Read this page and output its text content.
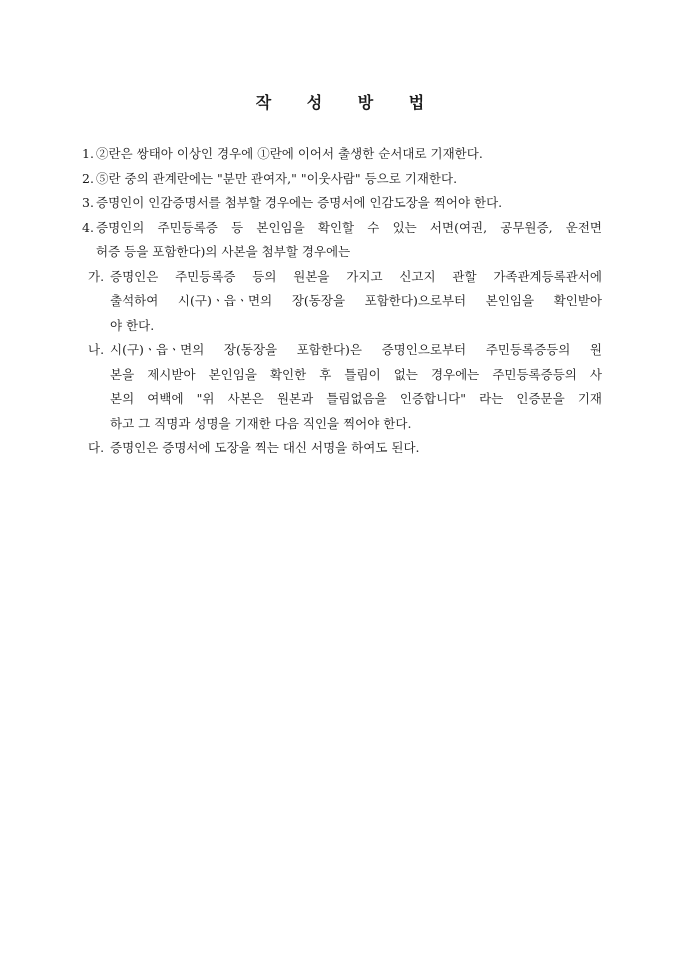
작 성 방 법
1. ②란은 쌍태아 이상인 경우에 ①란에 이어서 출생한 순서대로 기재한다.
2. ⑤란 중의 관계란에는 "분만 관여자," "이웃사람" 등으로 기재한다.
3. 증명인이 인감증명서를 첨부할 경우에는 증명서에 인감도장을 찍어야 한다.
4. 증명인의 주민등록증 등 본인임을 확인할 수 있는 서면(여권, 공무원증, 운전면
허증 등을 포함한다)의 사본을 첨부할 경우에는
가. 증명인은 주민등록증 등의 원본을 가지고 신고지 관할 가족관계등록관서에
출석하여 시(구)ㆍ읍ㆍ면의 장(동장을 포함한다)으로부터 본인임을 확인받아
야 한다.
나. 시(구)ㆍ읍ㆍ면의 장(동장을 포함한다)은 증명인으로부터 주민등록증등의 원
본을 제시받아 본인임을 확인한 후 틀림이 없는 경우에는 주민등록증등의 사
본의 여백에 "위 사본은 원본과 틀림없음을 인증합니다" 라는 인증문을 기재
하고 그 직명과 성명을 기재한 다음 직인을 찍어야 한다.
다. 증명인은 증명서에 도장을 찍는 대신 서명을 하여도 된다.
